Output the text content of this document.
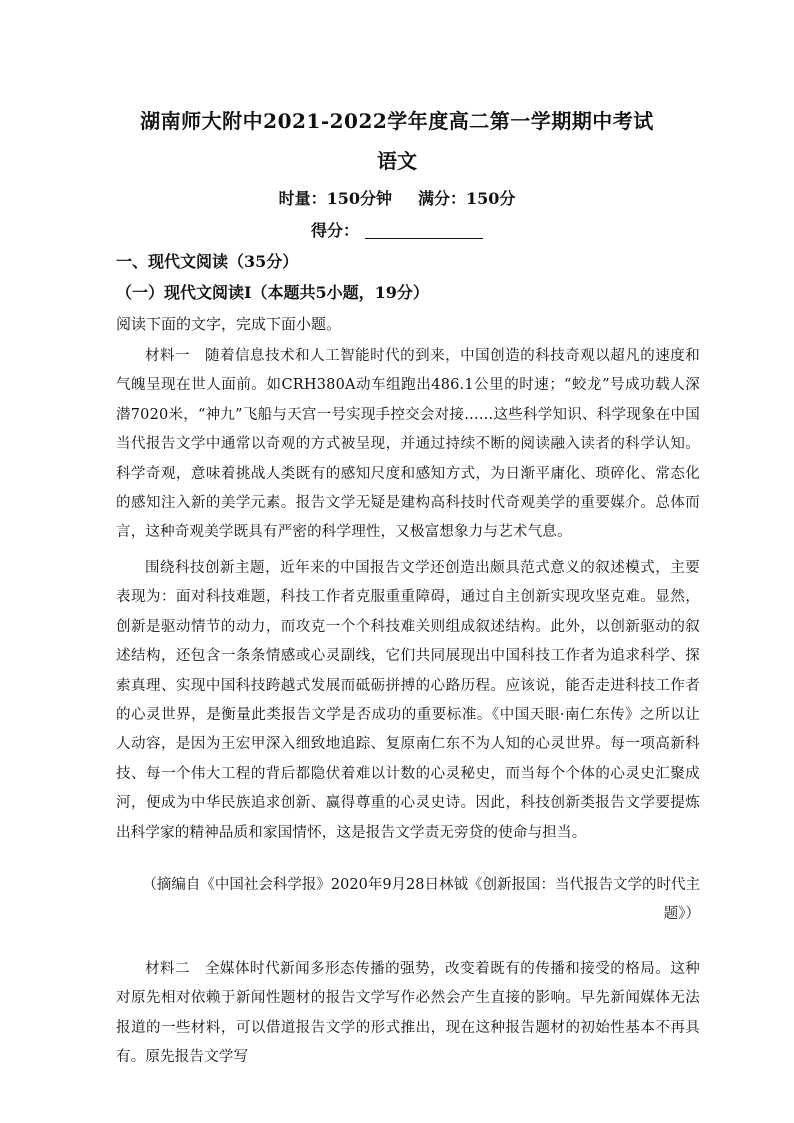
湖南师大附中2021-2022学年度高二第一学期期中考试
语文
时量：150分钟 满分：150分
得分：
一、现代文阅读（35分）
（一）现代文阅读Ⅰ（本题共5小题，19分）
阅读下面的文字，完成下面小题。
材料一　随着信息技术和人工智能时代的到来，中国创造的科技奇观以超凡的速度和气魄呈现在世人面前。如CRH380A动车组跑出486.1公里的时速；“蛟龙”号成功载人深潜7020米，“神九”飞船与天宫一号实现手控交会对接……这些科学知识、科学现象在中国当代报告文学中通常以奇观的方式被呈现，并通过持续不断的阅读融入读者的科学认知。科学奇观，意味着挑战人类既有的感知尺度和感知方式，为日渐平庸化、琐碎化、常态化的感知注入新的美学元素。报告文学无疑是建构高科技时代奇观美学的重要媒介。总体而言，这种奇观美学既具有严密的科学理性，又极富想象力与艺术气息。
围绕科技创新主题，近年来的中国报告文学还创造出颇具范式意义的叙述模式，主要表现为：面对科技难题，科技工作者克服重重障碍，通过自主创新实现攻坚克难。显然，创新是驱动情节的动力，而攻克一个个科技难关则组成叙述结构。此外，以创新驱动的叙述结构，还包含一条条情感或心灵副线，它们共同展现出中国科技工作者为追求科学、探索真理、实现中国科技跨越式发展而砥砺拼搏的心路历程。应该说，能否走进科技工作者的心灵世界，是衡量此类报告文学是否成功的重要标准。《中国天眼·南仁东传》之所以让人动容，是因为王宏甲深入细致地追踪、复原南仁东不为人知的心灵世界。每一项高新科技、每一个伟大工程的背后都隐伏着难以计数的心灵秘史，而当每个个体的心灵史汇聚成河，便成为中华民族追求创新、赢得尊重的心灵史诗。因此，科技创新类报告文学要提炼出科学家的精神品质和家国情怀，这是报告文学责无旁贷的使命与担当。
（摘编自《中国社会科学报》2020年9月28日林钺《创新报国：当代报告文学的时代主题》）
材料二　全媒体时代新闻多形态传播的强势，改变着既有的传播和接受的格局。这种对原先相对依赖于新闻性题材的报告文学写作必然会产生直接的影响。早先新闻媒体无法报道的一些材料，可以借道报告文学的形式推出，现在这种报告题材的初始性基本不再具有。原先报告文学写
